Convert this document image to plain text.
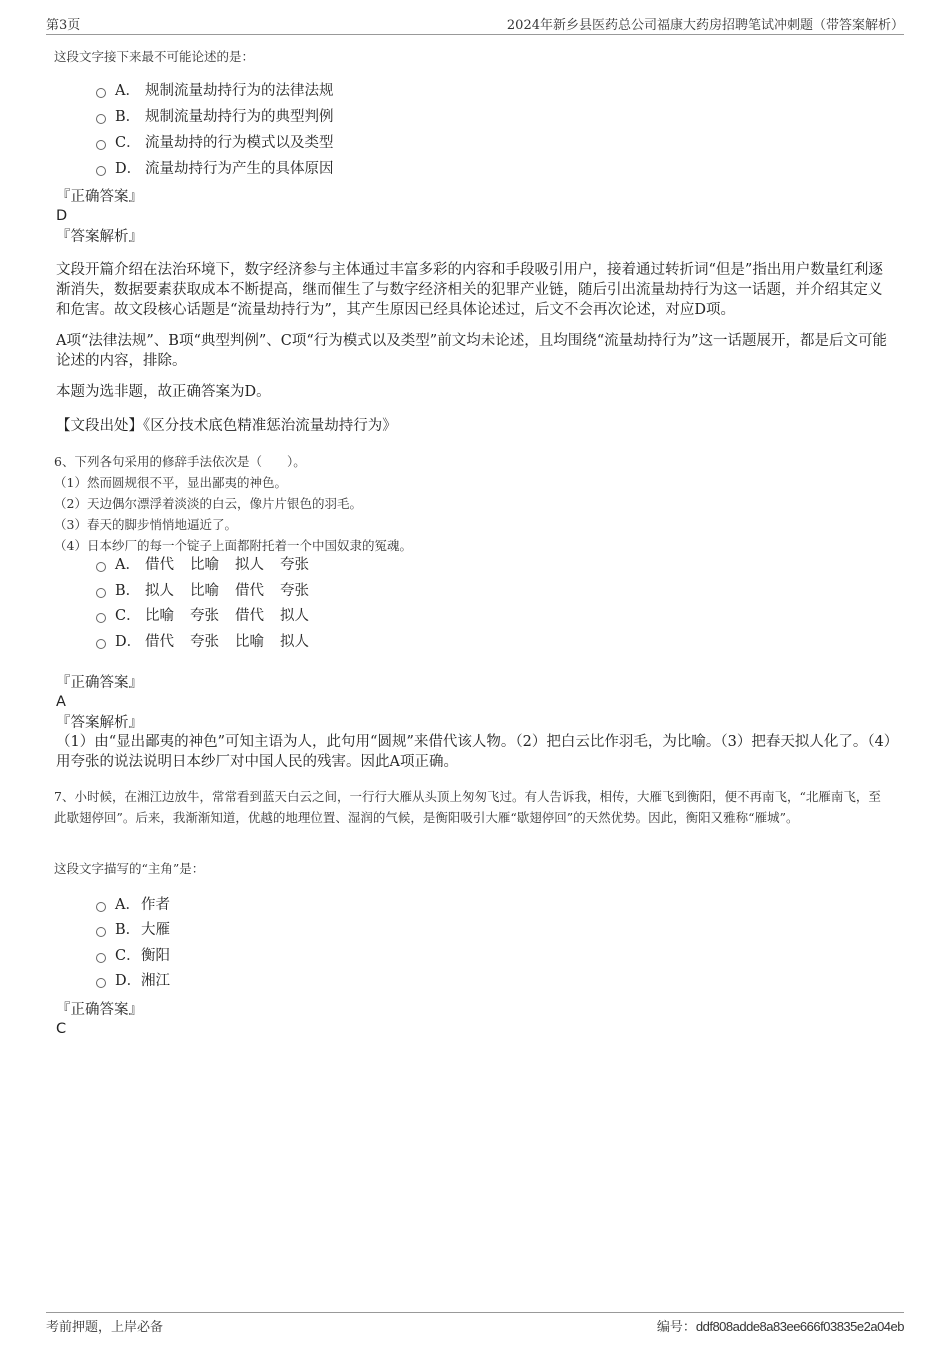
第3页	2024年新乡县医药总公司福康大药房招聘笔试冲刺题（带答案解析）
这段文字接下来最不可能论述的是：
A． 规制流量劫持行为的法律法规
B． 规制流量劫持行为的典型判例
C． 流量劫持的行为模式以及类型
D． 流量劫持行为产生的具体原因
『正确答案』
D
『答案解析』
文段开篇介绍在法治环境下，数字经济参与主体通过丰富多彩的内容和手段吸引用户，接着通过转折词“但是”指出用户数量红利逐渐消失，数据要素获取成本不断提高，继而催生了与数字经济相关的犯罪产业链，随后引出流量劫持行为这一话题，并介绍其定义和危害。故文段核心话题是“流量劫持行为”，其产生原因已经具体论述过，后文不会再次论述，对应D项。
A项“法律法规”、B项“典型判例”、C项“行为模式以及类型”前文均未论述，且均围绕“流量劫持行为”这一话题展开，都是后文可能论述的内容，排除。
本题为选非题，故正确答案为D。
【文段出处】《区分技术底色精准惩治流量劫持行为》
6、下列各句采用的修辞手法依次是（　　）。
（1）然而圆规很不平，显出鄙夷的神色。
（2）天边偶尔漂浮着淡淡的白云，像片片银色的羽毛。
（3）春天的脚步悄悄地逼近了。
（4）日本纱厂的每一个锭子上面都附托着一个中国奴隶的冤魂。
A． 借代 比喻 拟人 夸张
B． 拟人 比喻 借代 夸张
C． 比喻 夸张 借代 拟人
D． 借代 夸张 比喻 拟人
『正确答案』
A
『答案解析』
（1）由“显出鄙夷的神色”可知主语为人，此句用“圆规”来借代该人物。（2）把白云比作羽毛，为比喻。（3）把春天拟人化了。（4）用夸张的说法说明日本纱厂对中国人民的残害。因此A项正确。
7、小时候，在湘江边放牛，常常看到蓝天白云之间，一行行大雁从头顶上匆匆飞过。有人告诉我，相传，大雁飞到衡阳，便不再南飞，“北雁南飞，至此歇翅停回”。后来，我渐渐知道，优越的地理位置、湿润的气候，是衡阳吸引大雁“歇翅停回”的天然优势。因此，衡阳又雅称“雁城”。
这段文字描写的“主角”是：
A．作者
B．大雁
C．衡阳
D．湘江
『正确答案』
C
考前押题，上岸必备	编号：ddf808adde8a83ee666f03835e2a04eb
